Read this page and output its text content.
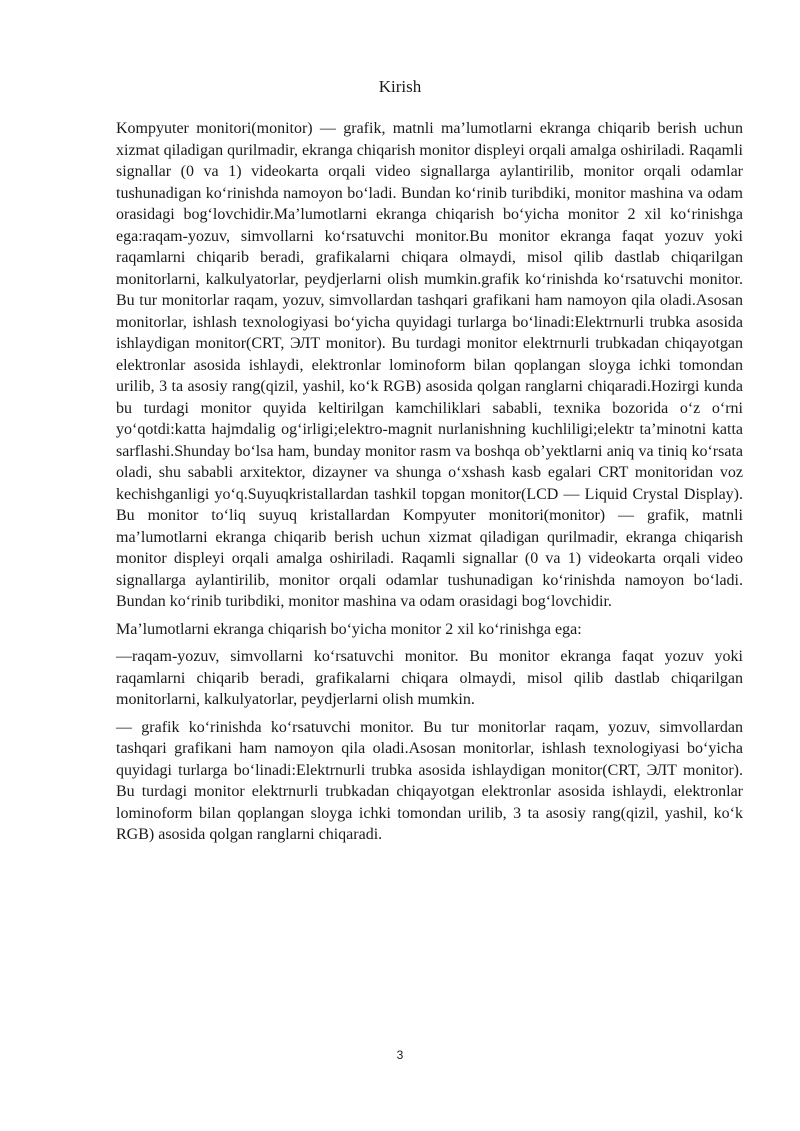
Kirish

Kompyuter monitori(monitor) — grafik, matnli ma’lumotlarni ekranga chiqarib berish uchun xizmat qiladigan qurilmadir, ekranga chiqarish monitor displeyi orqali amalga oshiriladi. Raqamli signallar (0 va 1) videokarta orqali video signallarga aylantirilib, monitor orqali odamlar tushunadigan ko‘rinishda namoyon bo‘ladi. Bundan ko‘rinib turibdiki, monitor mashina va odam orasidagi bog‘lovchidir.Ma’lumotlarni ekranga chiqarish bo‘yicha monitor 2 xil ko‘rinishga ega:raqam-yozuv, simvollarni ko‘rsatuvchi monitor.Bu monitor ekranga faqat yozuv yoki raqamlarni chiqarib beradi, grafikalarni chiqara olmaydi, misol qilib dastlab chiqarilgan monitorlarni, kalkulyatorlar, peydjerlarni olish mumkin.grafik ko‘rinishda ko‘rsatuvchi monitor. Bu tur monitorlar raqam, yozuv, simvollardan tashqari grafikani ham namoyon qila oladi.Asosan monitorlar, ishlash texnologiyasi bo‘yicha quyidagi turlarga bo‘linadi:Elektrnurli trubka asosida ishlaydigan monitor(CRT, ЭЛТ monitor). Bu turdagi monitor elektrnurli trubkadan chiqayotgan elektronlar asosida ishlaydi, elektronlar lominoform bilan qoplangan sloyga ichki tomondan urilib, 3 ta asosiy rang(qizil, yashil, ko‘k RGB) asosida qolgan ranglarni chiqaradi.Hozirgi kunda bu turdagi monitor quyida keltirilgan kamchiliklari sababli, texnika bozorida o‘z o‘rni yo‘qotdi:katta hajmdalig og‘irligi;elektro-magnit nurlanishning kuchliligi;elektr ta’minotni katta sarflashi.Shunday bo‘lsa ham, bunday monitor rasm va boshqa ob’yektlarni aniq va tiniq ko‘rsata oladi, shu sababli arxitektor, dizayner va shunga o‘xshash kasb egalari CRT monitoridan voz kechishganligi yo‘q.Suyuqkristallardan tashkil topgan monitor(LCD — Liquid Crystal Display). Bu monitor to‘liq suyuq kristallardan Kompyuter monitori(monitor) — grafik, matnli ma’lumotlarni ekranga chiqarib berish uchun xizmat qiladigan qurilmadir, ekranga chiqarish monitor displeyi orqali amalga oshiriladi. Raqamli signallar (0 va 1) videokarta orqali video signallarga aylantirilib, monitor orqali odamlar tushunadigan ko‘rinishda namoyon bo‘ladi. Bundan ko‘rinib turibdiki, monitor mashina va odam orasidagi bog‘lovchidir.

Ma’lumotlarni ekranga chiqarish bo‘yicha monitor 2 xil ko‘rinishga ega:

—raqam-yozuv, simvollarni ko‘rsatuvchi monitor. Bu monitor ekranga faqat yozuv yoki raqamlarni chiqarib beradi, grafikalarni chiqara olmaydi, misol qilib dastlab chiqarilgan monitorlarni, kalkulyatorlar, peydjerlarni olish mumkin.

— grafik ko‘rinishda ko‘rsatuvchi monitor. Bu tur monitorlar raqam, yozuv, simvollardan tashqari grafikani ham namoyon qila oladi.Asosan monitorlar, ishlash texnologiyasi bo‘yicha quyidagi turlarga bo‘linadi:Elektrnurli trubka asosida ishlaydigan monitor(CRT, ЭЛТ monitor). Bu turdagi monitor elektrnurli trubkadan chiqayotgan elektronlar asosida ishlaydi, elektronlar lominoform bilan qoplangan sloyga ichki tomondan urilib, 3 ta asosiy rang(qizil, yashil, ko‘k RGB) asosida qolgan ranglarni chiqaradi.

3
